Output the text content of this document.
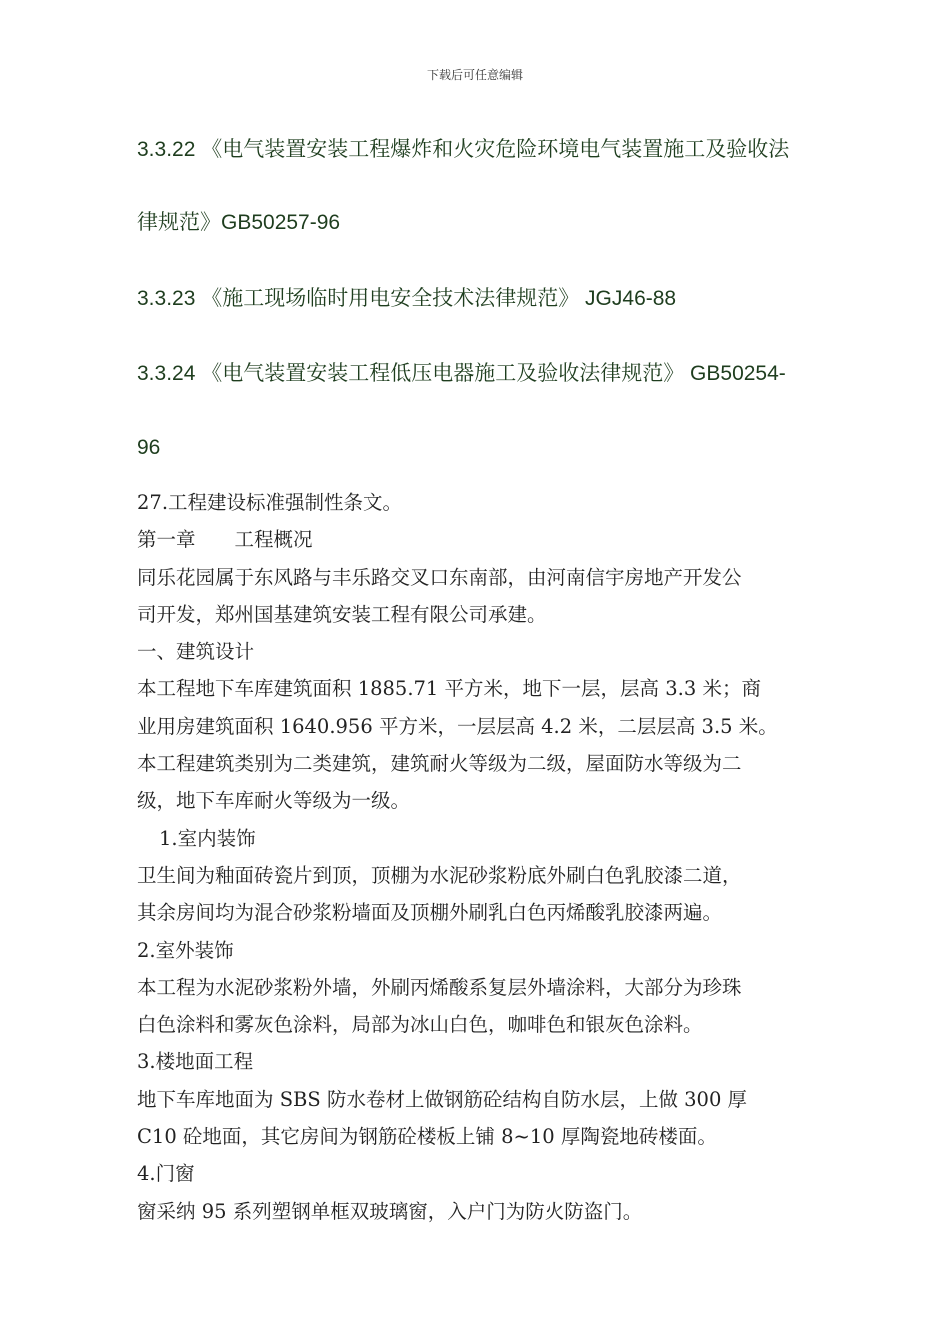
下载后可任意编辑
3.3.22 《电气装置安装工程爆炸和火灾危险环境电气装置施工及验收法
律规范》GB50257-96
3.3.23 《施工现场临时用电安全技术法律规范》 JGJ46-88
3.3.24 《电气装置安装工程低压电器施工及验收法律规范》 GB50254-
96
27.工程建设标准强制性条文。
第一章　　工程概况
同乐花园属于东风路与丰乐路交叉口东南部，由河南信宇房地产开发公
司开发，郑州国基建筑安装工程有限公司承建。
一、建筑设计
本工程地下车库建筑面积 1885.71 平方米，地下一层，层高 3.3 米；商
业用房建筑面积 1640.956 平方米，一层层高 4.2 米，二层层高 3.5 米。
本工程建筑类别为二类建筑，建筑耐火等级为二级，屋面防水等级为二
级，地下车库耐火等级为一级。
1.室内装饰
卫生间为釉面砖瓷片到顶，顶棚为水泥砂浆粉底外刷白色乳胶漆二道，
其余房间均为混合砂浆粉墙面及顶棚外刷乳白色丙烯酸乳胶漆两遍。
2.室外装饰
本工程为水泥砂浆粉外墙，外刷丙烯酸系复层外墙涂料，大部分为珍珠
白色涂料和雾灰色涂料，局部为冰山白色，咖啡色和银灰色涂料。
3.楼地面工程
地下车库地面为 SBS 防水卷材上做钢筋砼结构自防水层，上做 300 厚
C10 砼地面，其它房间为钢筋砼楼板上铺 8~10 厚陶瓷地砖楼面。
4.门窗
窗采纳 95 系列塑钢单框双玻璃窗，入户门为防火防盗门。
